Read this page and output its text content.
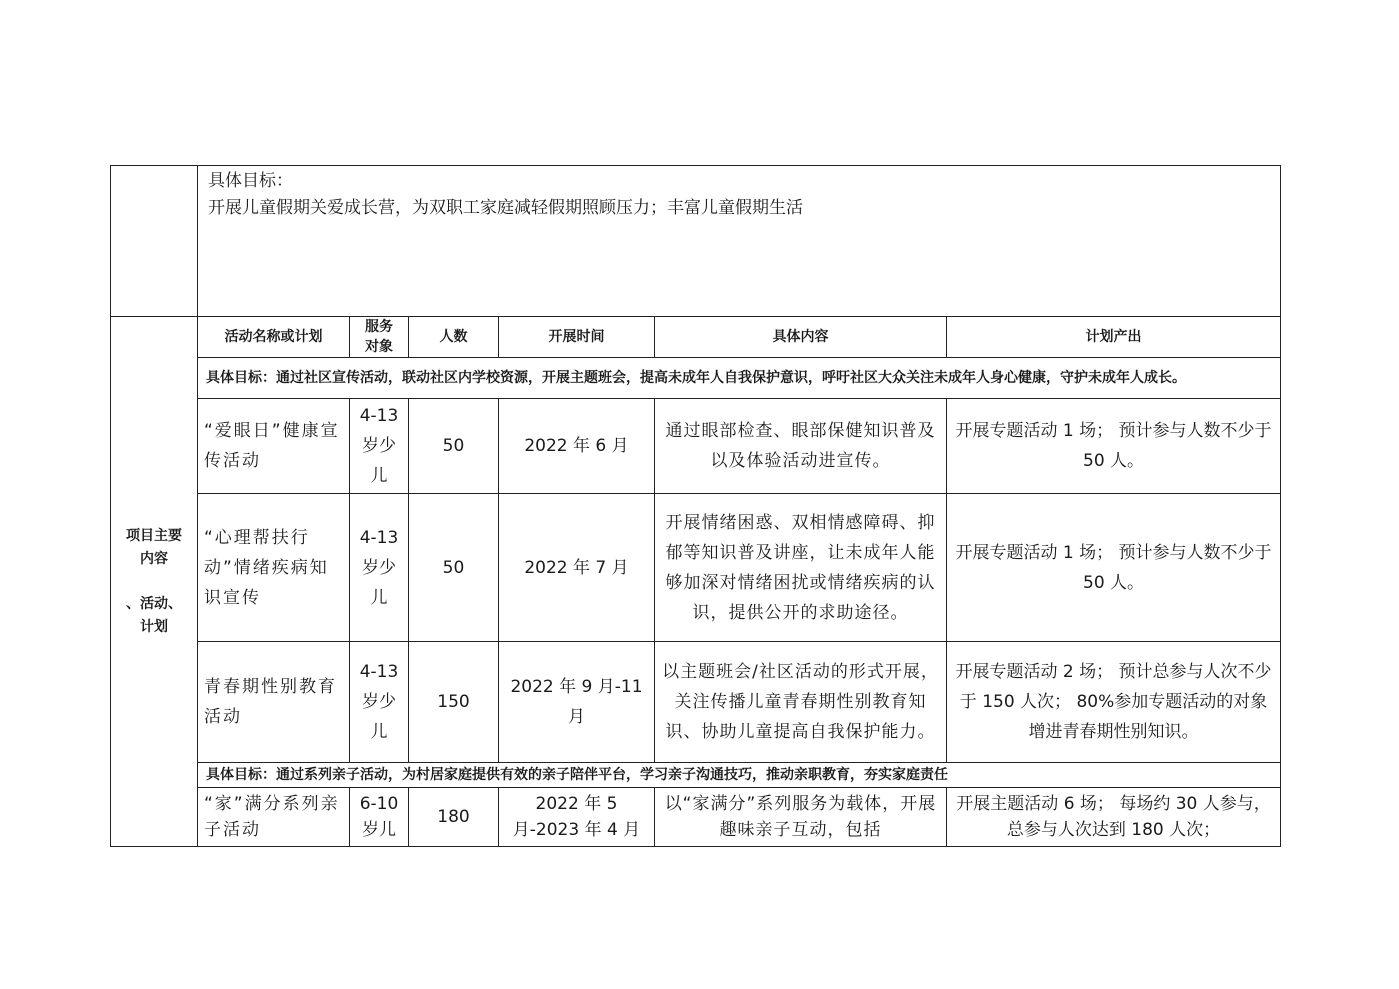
	具体目标：
开展儿童假期关爱成长营，为双职工家庭减轻假期照顾压力；丰富儿童假期生活					

项目主要
内容
、活动、
计划	活动名称或计划	服务对象	人数	开展时间	具体内容	计划产出
	具体目标：通过社区宣传活动，联动社区内学校资源，开展主题班会，提高未成年人自我保护意识，呼吁社区大众关注未成年人身心健康，守护未成年人成长。					
	“爱眼日”健康宣传活动	4-13岁少儿	50	2022 年 6 月	通过眼部检查、眼部保健知识普及以及体验活动进宣传。	开展专题活动 1 场； 预计参与人数不少于 50 人。
	“心理帮扶行动”情绪疾病知识宣传	4-13岁少儿	50	2022 年 7 月	开展情绪困惑、双相情感障碍、抑郁等知识普及讲座，让未成年人能够加深对情绪困扰或情绪疾病的认识，提供公开的求助途径。	开展专题活动 1 场； 预计参与人数不少于 50 人。
	青春期性别教育活动	4-13岁少儿	150	2022 年 9 月-11 月	以主题班会/社区活动的形式开展，关注传播儿童青春期性别教育知识、协助儿童提高自我保护能力。	开展专题活动 2 场； 预计总参与人次不少于 150 人次； 80%参加专题活动的对象增进青春期性别知识。
	具体目标：通过系列亲子活动，为村居家庭提供有效的亲子陪伴平台，学习亲子沟通技巧，推动亲职教育，夯实家庭责任					
	“家”满分系列亲子活动	6-10岁儿	180	2022 年 5 月-2023 年 4 月	以“家满分”系列服务为载体，开展趣味亲子互动，包括	开展主题活动 6 场； 每场约 30 人参与，总参与人次达到 180 人次；
